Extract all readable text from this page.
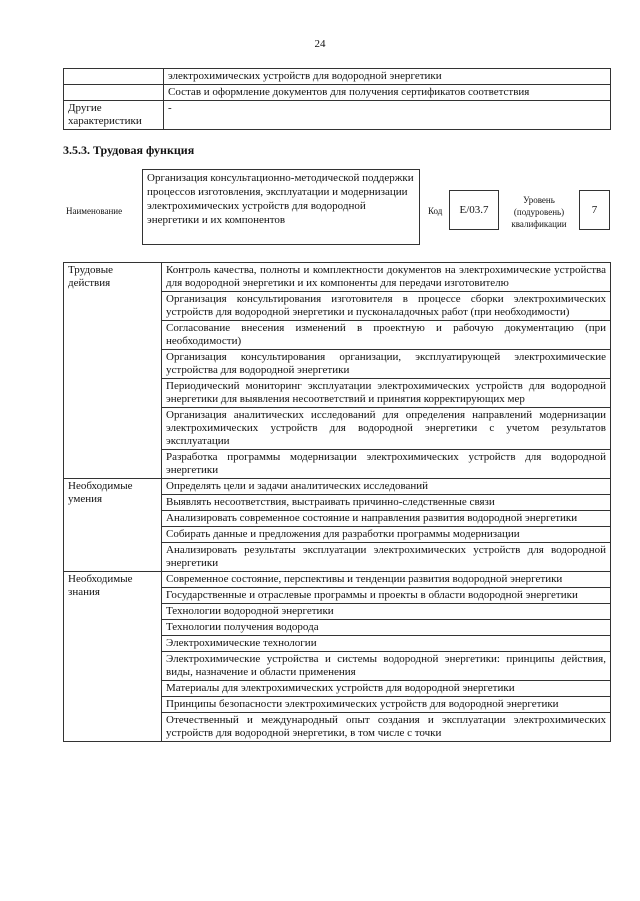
24
	электрохимических устройств для водородной энергетики
	Состав и оформление документов для получения сертификатов соответствия
Другие характеристики	-
3.5.3. Трудовая функция
Наименование
Организация консультационно-методической поддержки процессов изготовления, эксплуатации и модернизации электрохимических устройств для водородной энергетики и их компонентов
Код	E/03.7
Уровень (подуровень) квалификации
7
Трудовые действия	Контроль качества, полноты и комплектности документов на электрохимические устройства для водородной энергетики и их компоненты для передачи изготовителю
	Организация консультирования изготовителя в процессе сборки электрохимических устройств для водородной энергетики и пусконаладочных работ (при необходимости)
	Согласование внесения изменений в проектную и рабочую документацию (при необходимости)
	Организация консультирования организации, эксплуатирующей электрохимические устройства для водородной энергетики
	Периодический мониторинг эксплуатации электрохимических устройств для водородной энергетики для выявления несоответствий и принятия корректирующих мер
	Организация аналитических исследований для определения направлений модернизации электрохимических устройств для водородной энергетики с учетом результатов эксплуатации
	Разработка программы модернизации электрохимических устройств для водородной энергетики
Необходимые умения	Определять цели и задачи аналитических исследований
	Выявлять несоответствия, выстраивать причинно-следственные связи
	Анализировать современное состояние и направления развития водородной энергетики
	Собирать данные и предложения для разработки программы модернизации
	Анализировать результаты эксплуатации электрохимических устройств для водородной энергетики
Необходимые знания	Современное состояние, перспективы и тенденции развития водородной энергетики
	Государственные и отраслевые программы и проекты в области водородной энергетики
	Технологии водородной энергетики
	Технологии получения водорода
	Электрохимические технологии
	Электрохимические устройства и системы водородной энергетики: принципы действия, виды, назначение и области применения
	Материалы для электрохимических устройств для водородной энергетики
	Принципы безопасности электрохимических устройств для водородной энергетики
	Отечественный и международный опыт создания и эксплуатации электрохимических устройств для водородной энергетики, в том числе с точки
